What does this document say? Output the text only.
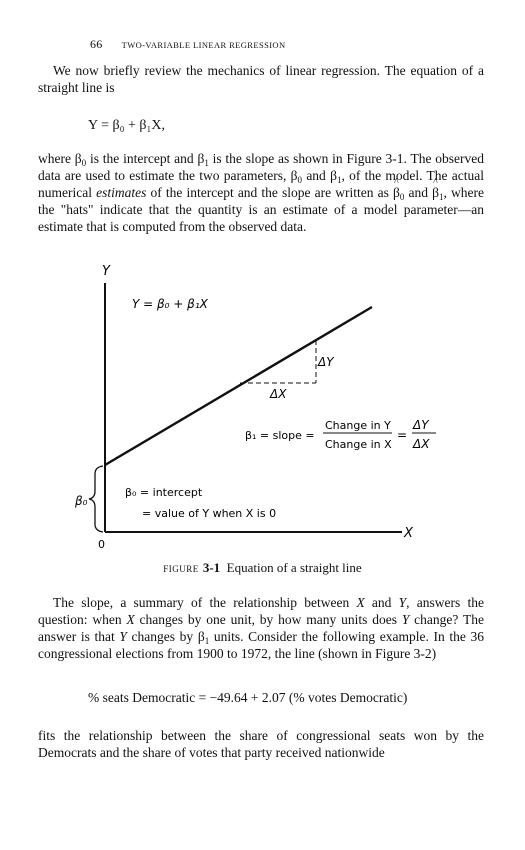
66 TWO-VARIABLE LINEAR REGRESSION

We now briefly review the mechanics of linear regression. The equation of a straight line is

Y = β₀ + β₁X,

where $\beta_0$ is the intercept and $\beta_1$ is the slope as shown in Figure 3-1. The observed data are used to estimate the two parameters, $\beta_0$ and $\beta_1$, of the model. The actual numerical estimates of the intercept and the slope are written as ^ $\beta_0$ and ^ $\beta_1$, where the "hats" indicate that the quantity is an estimate of a model parameter—an estimate that is computed from the observed data.

Y
X
0
Y = β₀ + β₁X
ΔY
ΔX
β₁ = slope =
Change in Y
Change in X
=
ΔY
ΔX
β₀
β₀ = intercept
= value of Y when X is 0
FIGURE 3-1 Equation of a straight line

The slope, a summary of the relationship between X and Y, answers the question: when X changes by one unit, by how many units does Y change? The answer is that Y changes by $\beta_1$ units. Consider the following example. In the 36 congressional elections from 1900 to 1972, the line (shown in Figure 3-2)

% seats Democratic = −49.64 + 2.07 (% votes Democratic)

fits the relationship between the share of congressional seats won by the Democrats and the share of votes that party received nationwide
